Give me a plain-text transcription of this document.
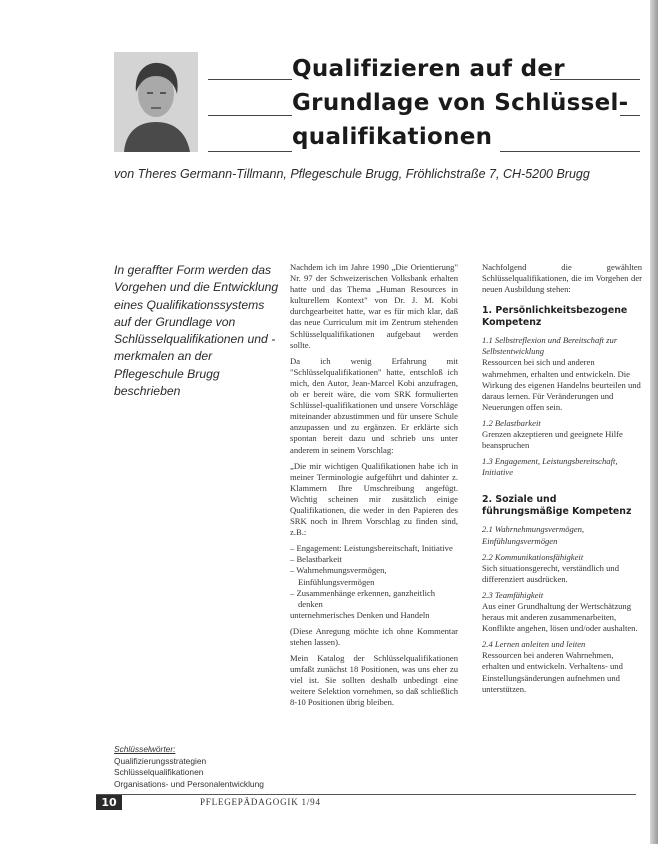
Qualifizieren auf der
Grundlage von Schlüssel-
qualifikationen
von Theres Germann-Tillmann, Pflegeschule Brugg, Fröhlichstraße 7, CH-5200 Brugg
In geraffter Form werden das Vorgehen und die Entwicklung eines Qualifikationssystems auf der Grundlage von Schlüsselqualifikationen und -merkmalen an der Pflegeschule Brugg beschrieben

Nachdem ich im Jahre 1990 „Die Orientierung" Nr. 97 der Schweizerischen Volksbank erhalten hatte und das Thema „Human Resources in kulturellem Kontext" von Dr. J. M. Kobi durchgearbeitet hatte, war es für mich klar, daß das neue Curriculum mit im Zentrum stehenden Schlüsselqualifikationen aufgebaut werden sollte.

Da ich wenig Erfahrung mit "Schlüsselqualifikationen" hatte, entschloß ich mich, den Autor, Jean-Marcel Kobi anzufragen, ob er bereit wäre, die vom SRK formulierten Schlüssel-qualifikationen und unsere Vorschläge miteinander abzustimmen und für unsere Schule anzupassen und zu ergänzen. Er erklärte sich spontan bereit dazu und schrieb uns unter anderem in seinem Vorschlag:

„Die mir wichtigen Qualifikationen habe ich in meiner Terminologie aufgeführt und dahinter z. Klammern Ihre Umschreibung angefügt. Wichtig scheinen mir zusätzlich einige Qualifikationen, die weder in den Papieren des SRK noch in Ihrem Vorschlag zu finden sind, z.B.:

– Engagement: Leistungsbereitschaft, Initiative
– Belastbarkeit
– Wahrnehmungsvermögen, Einfühlungsvermögen
– Zusammenhänge erkennen, ganzheitlich denken
unternehmerisches Denken und Handeln

(Diese Anregung möchte ich ohne Kommentar stehen lassen).

Mein Katalog der Schlüsselqualifikationen umfaßt zunächst 18 Positionen, was uns eher zu viel ist. Sie sollten deshalb unbedingt eine weitere Selektion vornehmen, so daß schließlich 8-10 Positionen übrig bleiben.

Nachfolgend die gewählten Schlüsselqualifikationen, die im Vorgehen der neuen Ausbildung stehen:

1. Persönlichkeitsbezogene Kompetenz
1.1 Selbstreflexion und Bereitschaft zur Selbstentwicklung
Ressourcen bei sich und anderen wahrnehmen, erhalten und entwickeln. Die Wirkung des eigenen Handelns beurteilen und daraus lernen. Für Veränderungen und Neuerungen offen sein.
1.2 Belastbarkeit
Grenzen akzeptieren und geeignete Hilfe beanspruchen
1.3 Engagement, Leistungsbereitschaft, Initiative
2. Soziale und führungsmäßige Kompetenz
2.1 Wahrnehmungsvermögen, Einfühlungsvermögen
2.2 Kommunikationsfähigkeit
Sich situationsgerecht, verständlich und differenziert ausdrücken.
2.3 Teamfähigkeit
Aus einer Grundhaltung der Wertschätzung heraus mit anderen zusammenarbeiten, Konflikte angehen, lösen und/oder aushalten.
2.4 Lernen anleiten und leiten
Ressourcen bei anderen Wahrnehmen, erhalten und entwickeln. Verhaltens- und Einstellungsänderungen aufnehmen und unterstützen.
Schlüsselwörter:
Qualifizierungsstrategien
Schlüsselqualifikationen
Organisations- und Personalentwicklung
10	PFLEGEPÄDAGOGIK 1/94
